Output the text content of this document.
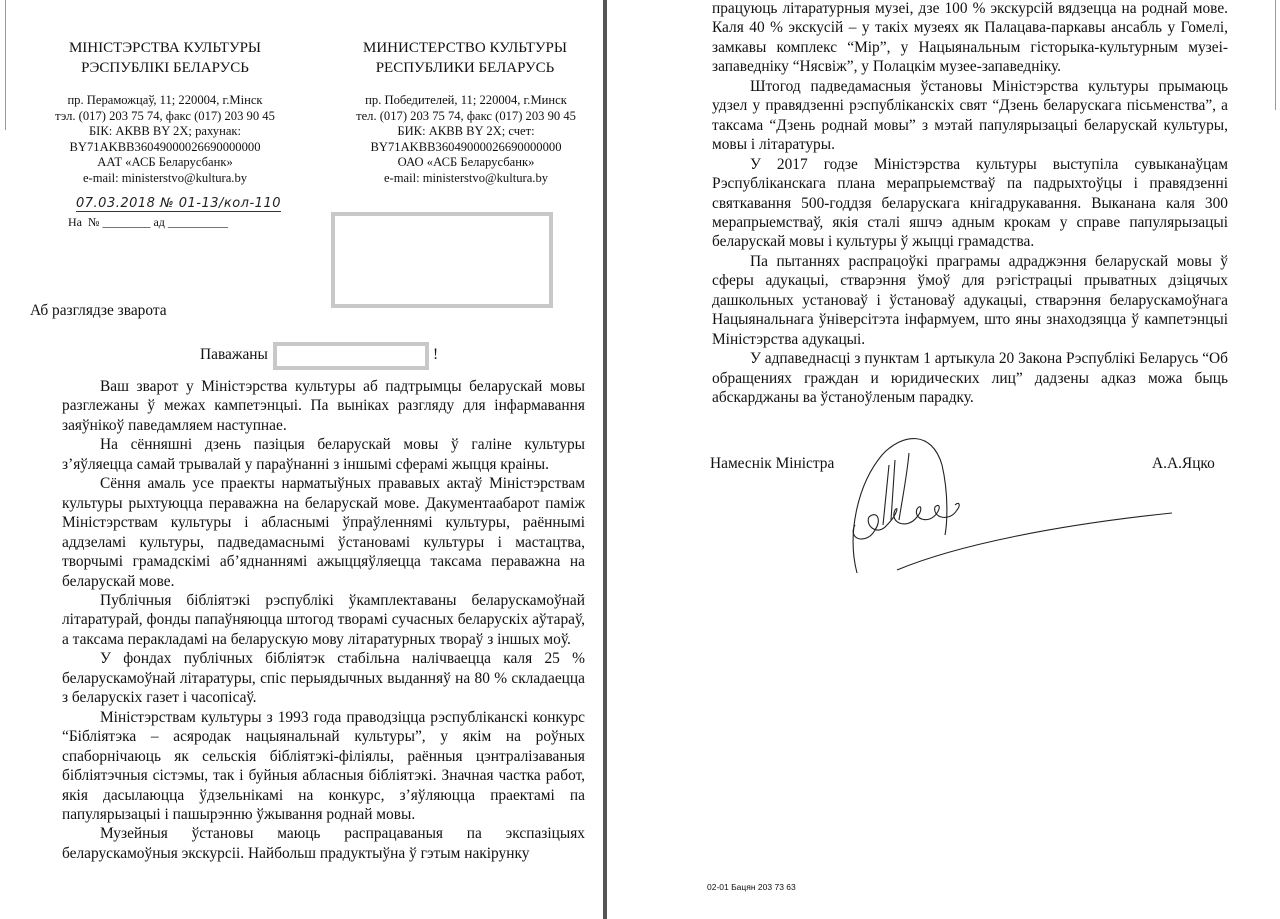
МІНІСТЭРСТВА КУЛЬТУРЫ
РЭСПУБЛІКІ БЕЛАРУСЬ
МИНИСТЕРСТВО КУЛЬТУРЫ
РЕСПУБЛИКИ БЕЛАРУСЬ
пр. Пераможцаў, 11; 220004, г.Мінск
тэл. (017) 203 75 74, факс (017) 203 90 45
БІК: АКВВ BY 2X; рахунак:
BY71AKBB36049000026690000000
ААТ «АСБ Беларусбанк»
e-mail: ministerstvo@kultura.by
пр. Победителей, 11; 220004, г.Минск
тел. (017) 203 75 74, факс (017) 203 90 45
БИК: АКВВ BY 2X; счет:
BY71AKBB36049000026690000000
ОАО «АСБ Беларусбанк»
e-mail: ministerstvo@kultura.by
07.03.2018 № 01-13/кол-110
На  № ________ ад __________
Аб разглядзе зварота
Паважаны	!

Ваш зварот у Міністэрства культуры аб падтрымцы беларускай мовы разглежаны ў межах кампетэнцыі. Па выніках разгляду для інфармавання заяўнікоў паведамляем наступнае.

На сённяшні дзень пазіцыя беларускай мовы ў галіне культуры з’яўляецца самай трывалай у параўнанні з іншымі сферамі жыцця краіны.

Сёння амаль усе праекты нарматыўных прававых актаў Міністэрствам культуры рыхтуюцца пераважна на беларускай мове. Дакументаабарот паміж Міністэрствам культуры і абласнымі ўпраўленнямі культуры, раённымі аддзеламі культуры, падведамаснымі ўстановамі культуры і мастацтва, творчымі грамадскімі аб’яднаннямі ажыццяўляецца таксама пераважна на беларускай мове.

Публічныя бібліятэкі рэспублікі ўкамплектаваны беларускамоўнай літаратурай, фонды папаўняюцца штогод творамі сучасных беларускіх аўтараў, а таксама перакладамі на беларускую мову літаратурных твораў з іншых моў.

У фондах публічных бібліятэк стабільна налічваецца каля 25 % беларускамоўнай літаратуры, спіс перыядычных выданняў на 80 % складаецца з беларускіх газет і часопісаў.

Міністэрствам культуры з 1993 года праводзіцца рэспубліканскі конкурс “Бібліятэка – асяродак нацыянальнай культуры”, у якім на роўных спаборнічаюць як сельскія бібліятэкі-філіялы, раённыя цэнтралізаваныя бібліятэчныя сістэмы, так і буйныя абласныя бібліятэкі. Значная частка работ, якія дасылаюцца ўдзельнікамі на конкурс, з’яўляюцца праектамі па папулярызацыі і пашырэнню ўжывання роднай мовы.

Музейныя ўстановы маюць распрацаваныя па экспазіцыях беларускамоўныя экскурсіі. Найбольш прадуктыўна ў гэтым накірунку

працуюць літаратурныя музеі, дзе 100 % экскурсій вядзецца на роднай мове. Каля 40 % экскусій – у такіх музеях як Палацава-паркавы ансабль у Гомелі, замкавы комплекс “Мір”, у Нацыянальным гісторыка-культурным музеі-запаведніку “Нясвіж”, у Полацкім музее-запаведніку.

Штогод падведамасныя ўстановы Міністэрства культуры прымаюць удзел у правядзенні рэспубліканскіх свят “Дзень беларускага пісьменства”, а таксама “Дзень роднай мовы” з мэтай папулярызацыі беларускай культуры, мовы і літаратуры.

У 2017 годзе Міністэрства культуры выступіла сувыканаўцам Рэспубліканскага плана мерапрыемстваў па падрыхтоўцы і правядзенні святкавання 500-годдзя беларускага кнігадрукавання. Выканана каля 300 мерапрыемстваў, якія сталі яшчэ адным крокам у справе папулярызацыі беларускай мовы і культуры ў жыцці грамадства.

Па пытаннях распрацоўкі праграмы адраджэння беларускай мовы ў сферы адукацыі, стварэння ўмоў для рэгістрацыі прыватных дзіцячых дашкольных установаў і ўстановаў адукацыі, стварэння беларускамоўнага Нацыянальнага ўніверсітэта інфармуем, што яны знаходзяцца ў кампетэнцыі Міністэрства адукацыі.

У адпаведнасці з пунктам 1 артыкула 20 Закона Рэспублікі Беларусь “Об обращениях граждан и юридических лиц” дадзены адказ можа быць абскарджаны ва ўстаноўленым парадку.

Намеснік Міністра	А.А.Яцко
02-01 Бацян 203 73 63
